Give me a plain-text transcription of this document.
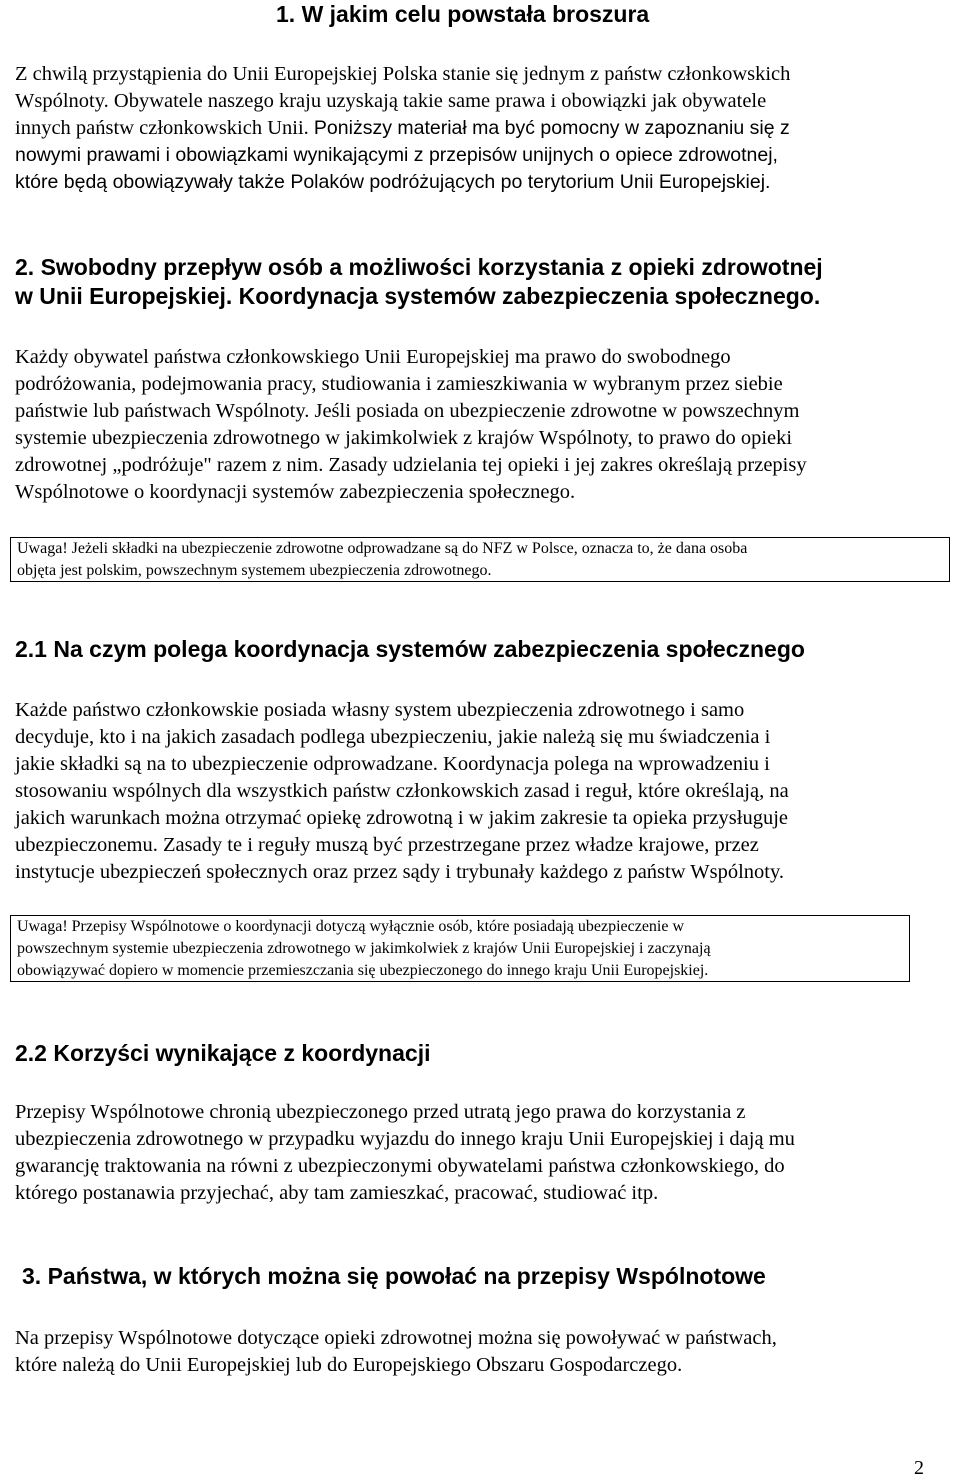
1. W jakim celu powstała broszura

Z chwilą przystąpienia do Unii Europejskiej Polska stanie się jednym z państw członkowskich
Wspólnoty. Obywatele naszego kraju uzyskają takie same prawa i obowiązki jak obywatele
innych państw członkowskich Unii. Poniższy materiał ma być pomocny w zapoznaniu się z
nowymi prawami i obowiązkami wynikającymi z przepisów unijnych o opiece zdrowotnej,
które będą obowiązywały także Polaków podróżujących po terytorium Unii Europejskiej.

2. Swobodny przepływ osób a możliwości korzystania z opieki zdrowotnej
w Unii Europejskiej. Koordynacja systemów zabezpieczenia społecznego.

Każdy obywatel państwa członkowskiego Unii Europejskiej ma prawo do swobodnego
podróżowania, podejmowania pracy, studiowania i zamieszkiwania w wybranym przez siebie
państwie lub państwach Wspólnoty. Jeśli posiada on ubezpieczenie zdrowotne w powszechnym
systemie ubezpieczenia zdrowotnego w jakimkolwiek z krajów Wspólnoty, to prawo do opieki
zdrowotnej „podróżuje" razem z nim. Zasady udzielania tej opieki i jej zakres określają przepisy
Wspólnotowe o koordynacji systemów zabezpieczenia społecznego.

Uwaga! Jeżeli składki na ubezpieczenie zdrowotne odprowadzane są do NFZ w Polsce, oznacza to, że dana osoba
objęta jest polskim, powszechnym systemem ubezpieczenia zdrowotnego.
2.1 Na czym polega koordynacja systemów zabezpieczenia społecznego

Każde państwo członkowskie posiada własny system ubezpieczenia zdrowotnego i samo
decyduje, kto i na jakich zasadach podlega ubezpieczeniu, jakie należą się mu świadczenia i
jakie składki są na to ubezpieczenie odprowadzane. Koordynacja polega na wprowadzeniu i
stosowaniu wspólnych dla wszystkich państw członkowskich zasad i reguł, które określają, na
jakich warunkach można otrzymać opiekę zdrowotną i w jakim zakresie ta opieka przysługuje
ubezpieczonemu. Zasady te i reguły muszą być przestrzegane przez władze krajowe, przez
instytucje ubezpieczeń społecznych oraz przez sądy i trybunały każdego z państw Wspólnoty.

Uwaga! Przepisy Wspólnotowe o koordynacji dotyczą wyłącznie osób, które posiadają ubezpieczenie w
powszechnym systemie ubezpieczenia zdrowotnego w jakimkolwiek z krajów Unii Europejskiej i zaczynają
obowiązywać dopiero w momencie przemieszczania się ubezpieczonego do innego kraju Unii Europejskiej.
2.2 Korzyści wynikające z koordynacji

Przepisy Wspólnotowe chronią ubezpieczonego przed utratą jego prawa do korzystania z
ubezpieczenia zdrowotnego w przypadku wyjazdu do innego kraju Unii Europejskiej i dają mu
gwarancję traktowania na równi z ubezpieczonymi obywatelami państwa członkowskiego, do
którego postanawia przyjechać, aby tam zamieszkać, pracować, studiować itp.

3. Państwa, w których można się powołać na przepisy Wspólnotowe

Na przepisy Wspólnotowe dotyczące opieki zdrowotnej można się powoływać w państwach,
które należą do Unii Europejskiej lub do Europejskiego Obszaru Gospodarczego.

2
